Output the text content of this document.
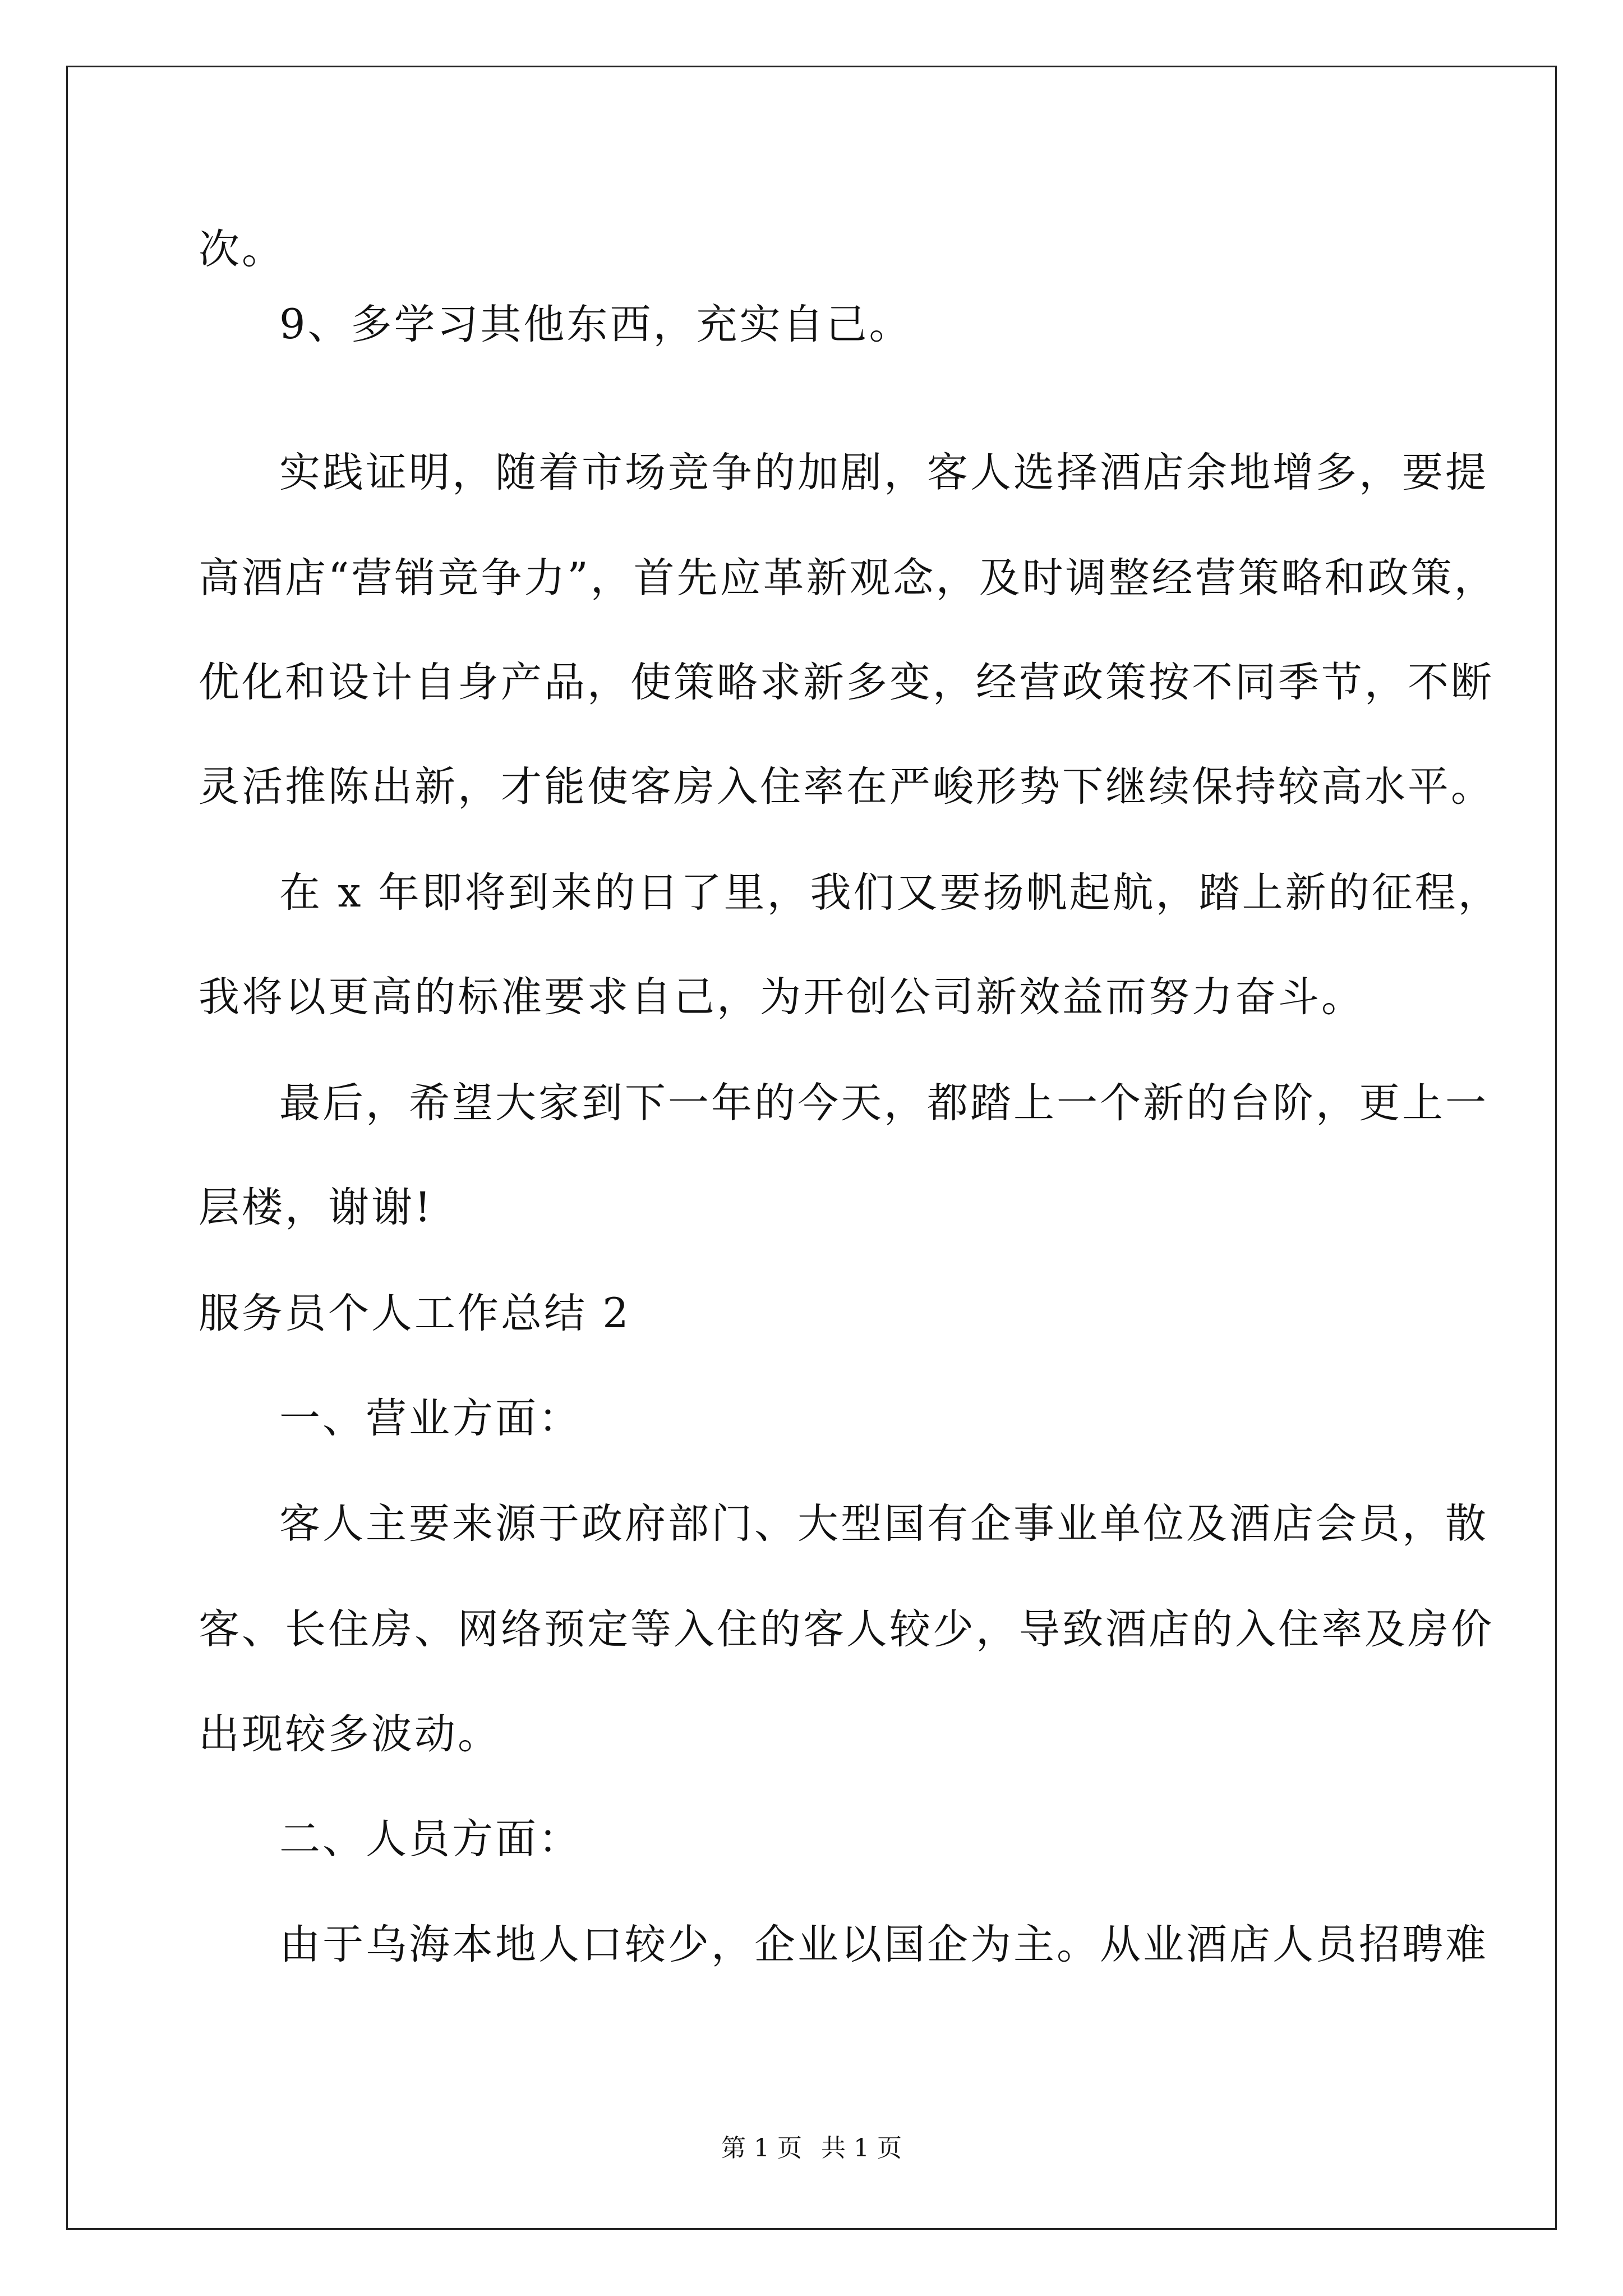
次。
9、多学习其他东西，充实自己。
实践证明，随着市场竞争的加剧，客人选择酒店余地增多，要提
高酒店“营销竞争力”，首先应革新观念，及时调整经营策略和政策，
优化和设计自身产品，使策略求新多变，经营政策按不同季节，不断
灵活推陈出新，才能使客房入住率在严峻形势下继续保持较高水平。
在 x 年即将到来的日了里，我们又要扬帆起航，踏上新的征程，
我将以更高的标准要求自己，为开创公司新效益而努力奋斗。
最后，希望大家到下一年的今天，都踏上一个新的台阶，更上一
层楼，谢谢!
服务员个人工作总结 2
一、营业方面：
客人主要来源于政府部门、大型国有企事业单位及酒店会员，散
客、长住房、网络预定等入住的客人较少，导致酒店的入住率及房价
出现较多波动。
二、人员方面：
由于乌海本地人口较少，企业以国企为主。从业酒店人员招聘难
第 1 页 共 1 页
